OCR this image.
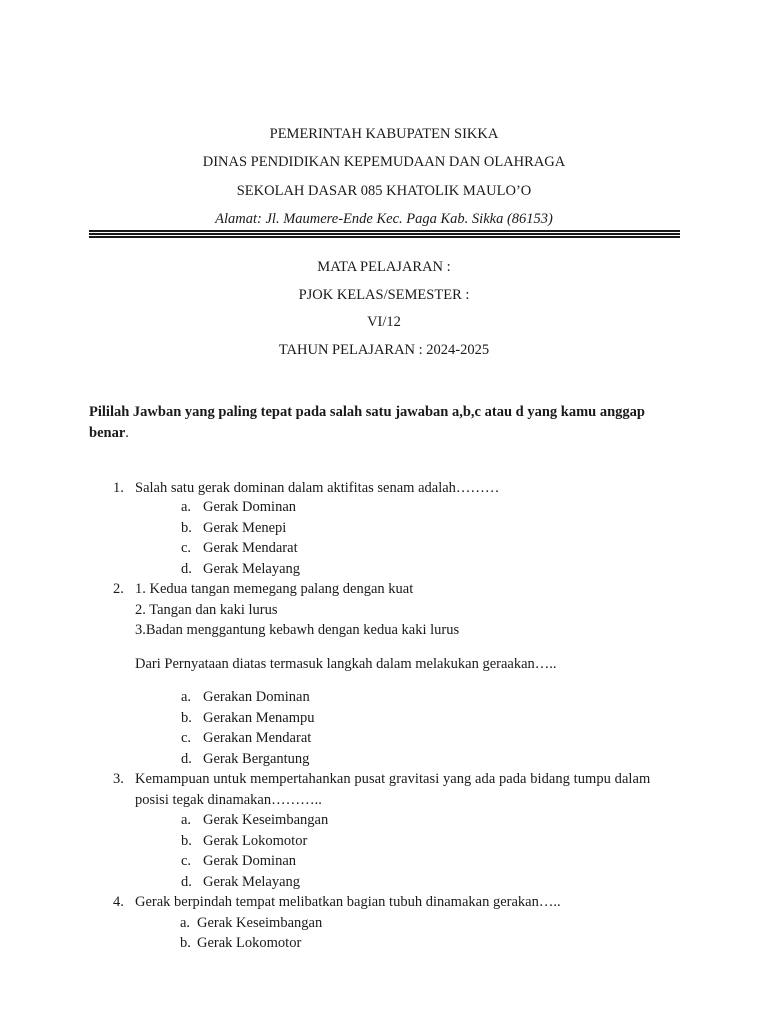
PEMERINTAH KABUPATEN SIKKA
DINAS PENDIDIKAN KEPEMUDAAN DAN OLAHRAGA
SEKOLAH DASAR 085 KHATOLIK MAULO’O
Alamat: Jl. Maumere-Ende Kec. Paga Kab. Sikka (86153)
MATA PELAJARAN :
PJOK KELAS/SEMESTER :
VI/12
TAHUN PELAJARAN : 2024-2025
Pililah Jawban yang paling tepat pada salah satu jawaban a,b,c atau d yang kamu anggap
benar.
1. Salah satu gerak dominan dalam aktifitas senam adalah………
a. Gerak Dominan
b. Gerak Menepi
c. Gerak Mendarat
d. Gerak Melayang
2. 1. Kedua tangan memegang palang dengan kuat
2. Tangan dan kaki lurus
3.Badan menggantung kebawh dengan kedua kaki lurus
Dari Pernyataan diatas termasuk langkah dalam melakukan geraakan…..
a. Gerakan Dominan
b. Gerakan Menampu
c. Gerakan Mendarat
d. Gerak Bergantung
3. Kemampuan untuk mempertahankan pusat gravitasi yang ada pada bidang tumpu dalam
posisi tegak dinamakan………..
a. Gerak Keseimbangan
b. Gerak Lokomotor
c. Gerak Dominan
d. Gerak Melayang
4. Gerak berpindah tempat melibatkan bagian tubuh dinamakan gerakan…..
a. Gerak Keseimbangan
b. Gerak Lokomotor
